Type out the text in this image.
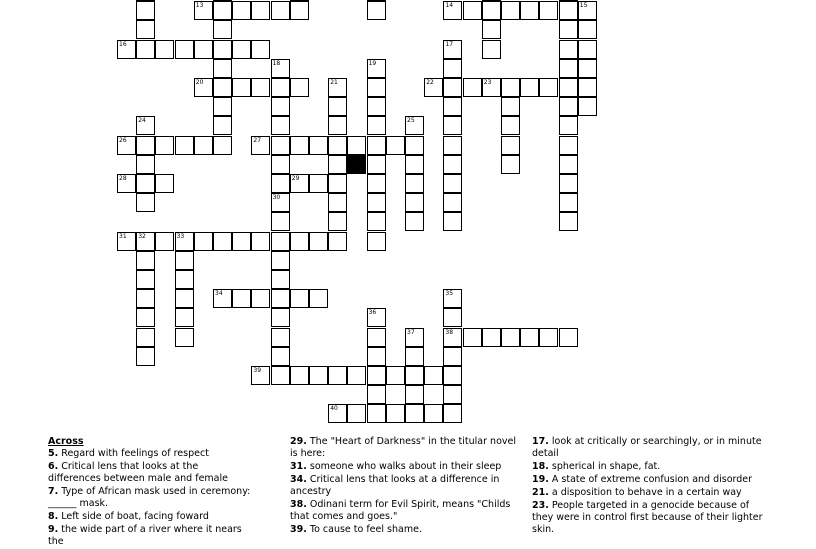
13	14	15
16
20	22	23
26	27
28	29
31 32	33
34
38
39
40
17
18
30
21
19
24	25
35
36
37
Across
5. Regard with feelings of respect
6. Critical lens that looks at the differences between male and female
7. Type of African mask used in ceremony: ______ mask.
8. Left side of boat, facing foward
9. the wide part of a river where it nears the
29. The "Heart of Darkness" in the titular novel is here:
31. someone who walks about in their sleep
34. Critical lens that looks at a difference in ancestry
38. Odinani term for Evil Spirit, means "Childs that comes and goes."
39. To cause to feel shame.
17. look at critically or searchingly, or in minute detail
18. spherical in shape, fat.
19. A state of extreme confusion and disorder
21. a disposition to behave in a certain way
23. People targeted in a genocide because of they were in control first because of their lighter skin.
